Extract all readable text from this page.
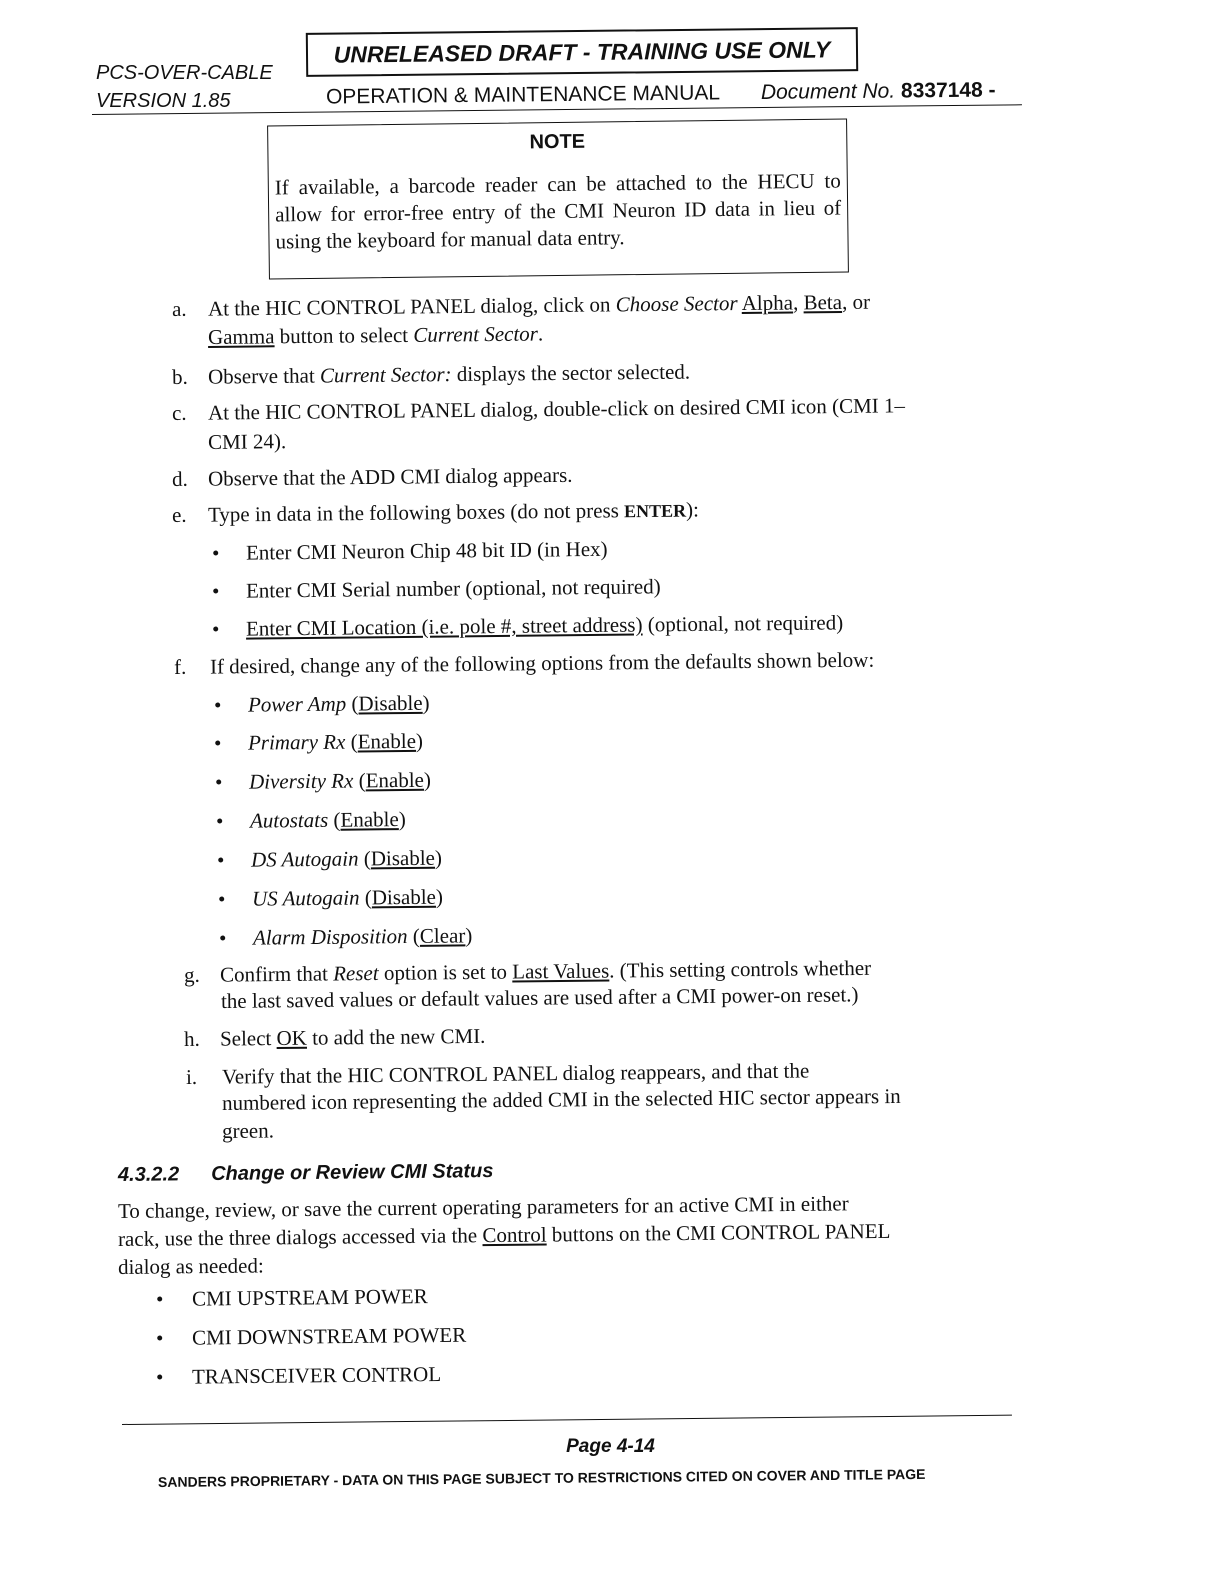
PCS-OVER-CABLE
VERSION 1.85
UNRELEASED DRAFT - TRAINING USE ONLY
OPERATION & MAINTENANCE MANUAL Document No. 8337148 -
NOTE
If available, a barcode reader can be attached to the HECU to allow for error-free entry of the CMI Neuron ID data in lieu of using the keyboard for manual data entry.
a. At the HIC CONTROL PANEL dialog, click on Choose Sector Alpha, Beta, or
Gamma button to select Current Sector.
b. Observe that Current Sector: displays the sector selected.
c. At the HIC CONTROL PANEL dialog, double-click on desired CMI icon (CMI 1–
CMI 24).
d. Observe that the ADD CMI dialog appears.
e. Type in data in the following boxes (do not press ENTER):
• Enter CMI Neuron Chip 48 bit ID (in Hex)
• Enter CMI Serial number (optional, not required)
• Enter CMI Location (i.e. pole #, street address) (optional, not required)
f. If desired, change any of the following options from the defaults shown below:
• Power Amp (Disable)
• Primary Rx (Enable)
• Diversity Rx (Enable)
• Autostats (Enable)
• DS Autogain (Disable)
• US Autogain (Disable)
• Alarm Disposition (Clear)
g. Confirm that Reset option is set to Last Values. (This setting controls whether
the last saved values or default values are used after a CMI power-on reset.)
h. Select OK to add the new CMI.
i. Verify that the HIC CONTROL PANEL dialog reappears, and that the
numbered icon representing the added CMI in the selected HIC sector appears in
green.
4.3.2.2 Change or Review CMI Status
To change, review, or save the current operating parameters for an active CMI in either
rack, use the three dialogs accessed via the Control buttons on the CMI CONTROL PANEL
dialog as needed:
• CMI UPSTREAM POWER
• CMI DOWNSTREAM POWER
• TRANSCEIVER CONTROL
Page 4-14
SANDERS PROPRIETARY - DATA ON THIS PAGE SUBJECT TO RESTRICTIONS CITED ON COVER AND TITLE PAGE
